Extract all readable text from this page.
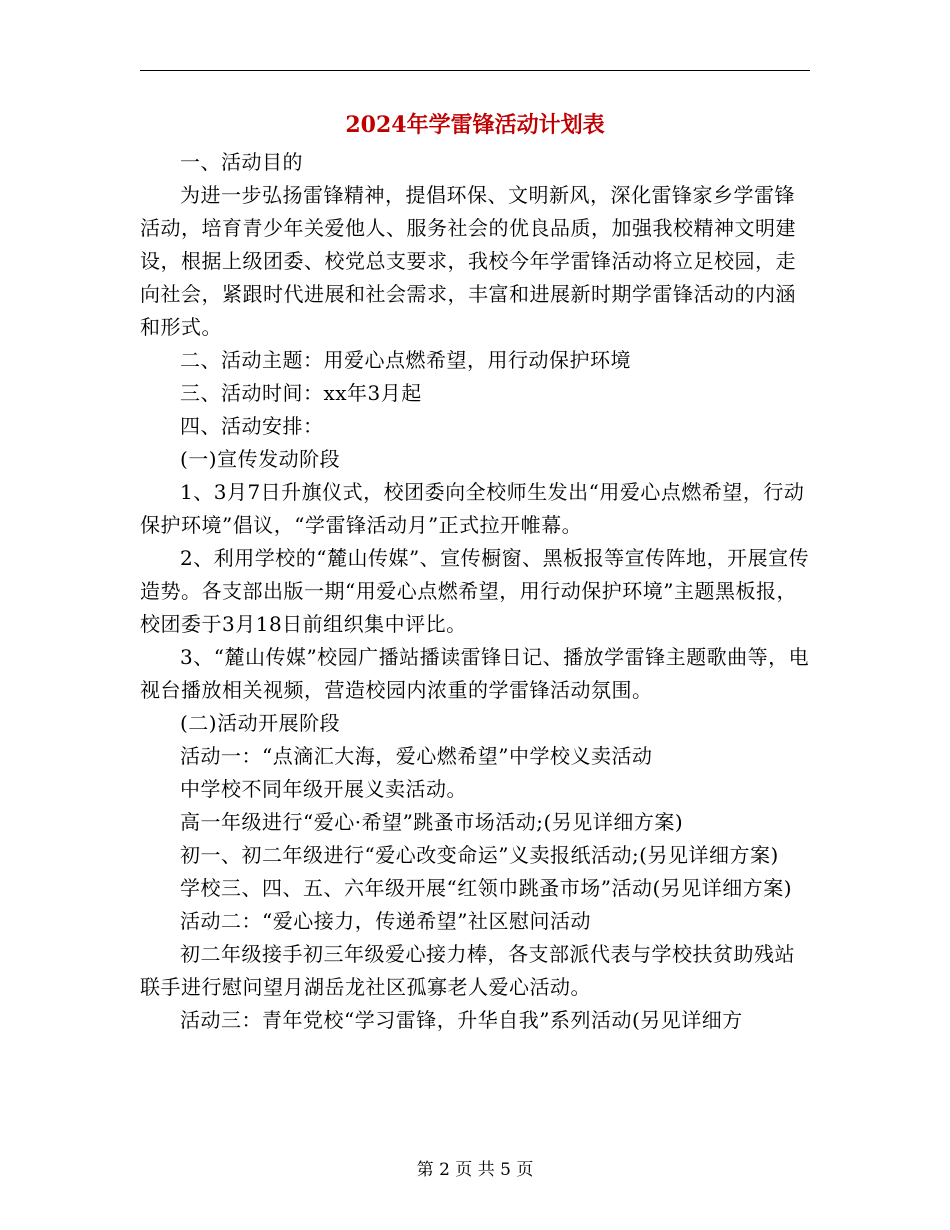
2024年学雷锋活动计划表

一、活动目的

为进一步弘扬雷锋精神，提倡环保、文明新风，深化雷锋家乡学雷锋活动，培育青少年关爱他人、服务社会的优良品质，加强我校精神文明建设，根据上级团委、校党总支要求，我校今年学雷锋活动将立足校园，走向社会，紧跟时代进展和社会需求，丰富和进展新时期学雷锋活动的内涵和形式。

二、活动主题：用爱心点燃希望，用行动保护环境

三、活动时间：xx年3月起

四、活动安排：

(一)宣传发动阶段

1、3月7日升旗仪式，校团委向全校师生发出“用爱心点燃希望，行动保护环境”倡议，“学雷锋活动月”正式拉开帷幕。

2、利用学校的“麓山传媒”、宣传橱窗、黑板报等宣传阵地，开展宣传造势。各支部出版一期“用爱心点燃希望，用行动保护环境”主题黑板报，校团委于3月18日前组织集中评比。

3、“麓山传媒”校园广播站播读雷锋日记、播放学雷锋主题歌曲等，电视台播放相关视频，营造校园内浓重的学雷锋活动氛围。

(二)活动开展阶段

活动一：“点滴汇大海，爱心燃希望”中学校义卖活动

中学校不同年级开展义卖活动。

高一年级进行“爱心·希望”跳蚤市场活动;(另见详细方案)

初一、初二年级进行“爱心改变命运”义卖报纸活动;(另见详细方案)

学校三、四、五、六年级开展“红领巾跳蚤市场”活动(另见详细方案)

活动二：“爱心接力，传递希望”社区慰问活动

初二年级接手初三年级爱心接力棒，各支部派代表与学校扶贫助残站联手进行慰问望月湖岳龙社区孤寡老人爱心活动。

活动三：青年党校“学习雷锋，升华自我”系列活动(另见详细方

第 2 页 共 5 页
